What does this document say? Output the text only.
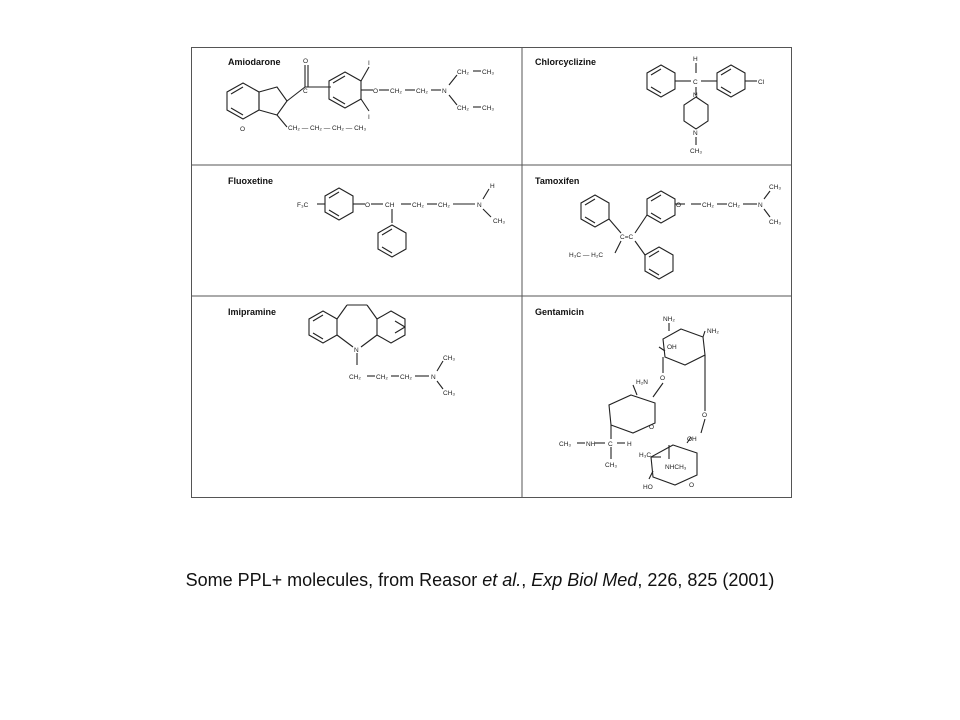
Amiodarone
O
C
O	I
I
O CH₂ CH₂ N
CH₂ CH₃
CH₂ CH₃
CH₂ — CH₂ — CH₂ — CH₃
Chlorcyclizine	H
C	Cl
N
N
CH₃
Fluoxetine
F₃C	O CH	CH₂ CH₂	N
H
CH₃
Tamoxifen
O	CH₂ CH₂	N
CH₃
CH₃
C=C
H₃C — H₂C
Imipramine
N
CH₂ CH₂ CH₂	N
CH₃
CH₃
Gentamicin
NH₂
NH₂
OH
O
O
H₂N
O
CH₃ NH C H
CH₃
OH
H₃C
NHCH₃
HO	O
Some PPL+ molecules, from Reasor et al., Exp Biol Med, 226, 825 (2001)
